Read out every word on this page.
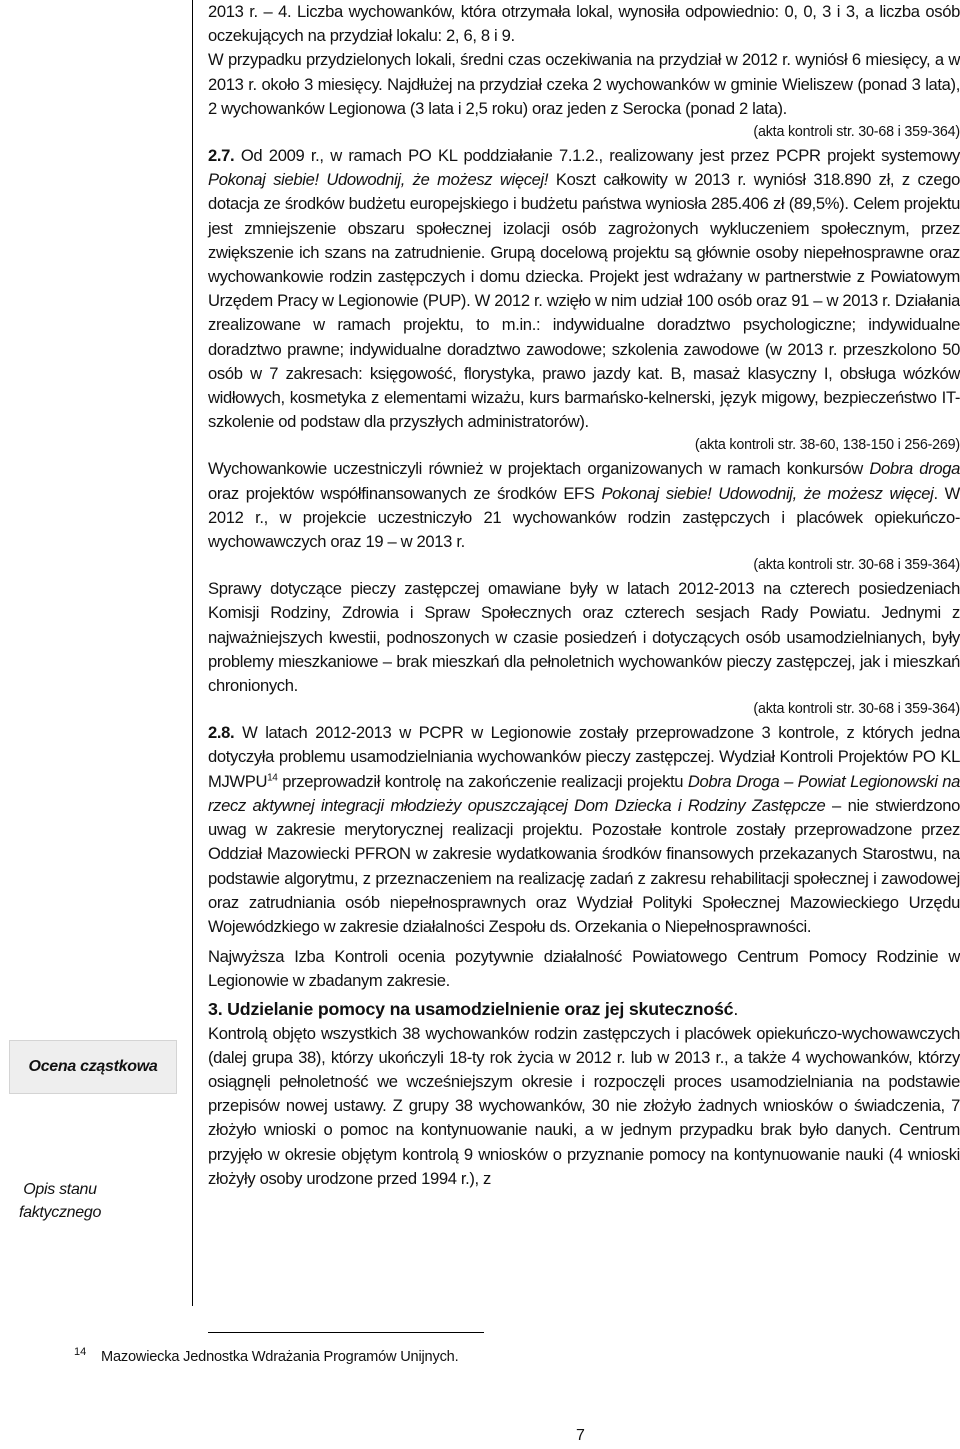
2013 r. – 4. Liczba wychowanków, która otrzymała lokal, wynosiła odpowiednio: 0, 0, 3 i 3, a liczba osób oczekujących na przydział lokalu: 2, 6, 8 i 9.

W przypadku przydzielonych lokali, średni czas oczekiwania na przydział w 2012 r. wyniósł 6 miesięcy, a w 2013 r. około 3 miesięcy. Najdłużej na przydział czeka 2 wychowanków w gminie Wieliszew (ponad 3 lata), 2 wychowanków Legionowa (3 lata i 2,5 roku) oraz jeden z Serocka (ponad 2 lata).

(akta kontroli str. 30-68 i 359-364)

2.7. Od 2009 r., w ramach PO KL poddziałanie 7.1.2., realizowany jest przez PCPR projekt systemowy Pokonaj siebie! Udowodnij, że możesz więcej! Koszt całkowity w 2013 r. wyniósł 318.890 zł, z czego dotacja ze środków budżetu europejskiego i budżetu państwa wyniosła 285.406 zł (89,5%). Celem projektu jest zmniejszenie obszaru społecznej izolacji osób zagrożonych wykluczeniem społecznym, przez zwiększenie ich szans na zatrudnienie. Grupą docelową projektu są głównie osoby niepełnosprawne oraz wychowankowie rodzin zastępczych i domu dziecka. Projekt jest wdrażany w partnerstwie z Powiatowym Urzędem Pracy w Legionowie (PUP). W 2012 r. wzięło w nim udział 100 osób oraz 91 – w 2013 r. Działania zrealizowane w ramach projektu, to m.in.: indywidualne doradztwo psychologiczne; indywidualne doradztwo prawne; indywidualne doradztwo zawodowe; szkolenia zawodowe (w 2013 r. przeszkolono 50 osób w 7 zakresach: księgowość, florystyka, prawo jazdy kat. B, masaż klasyczny I, obsługa wózków widłowych, kosmetyka z elementami wizażu, kurs barmańsko-kelnerski, język migowy, bezpieczeństwo IT-szkolenie od podstaw dla przyszłych administratorów).

(akta kontroli str. 38-60, 138-150 i 256-269)

Wychowankowie uczestniczyli również w projektach organizowanych w ramach konkursów Dobra droga oraz projektów współfinansowanych ze środków EFS Pokonaj siebie! Udowodnij, że możesz więcej. W 2012 r., w projekcie uczestniczyło 21 wychowanków rodzin zastępczych i placówek opiekuńczo-wychowawczych oraz 19 – w 2013 r.

(akta kontroli str. 30-68 i 359-364)

Sprawy dotyczące pieczy zastępczej omawiane były w latach 2012-2013 na czterech posiedzeniach Komisji Rodziny, Zdrowia i Spraw Społecznych oraz czterech sesjach Rady Powiatu. Jednymi z najważniejszych kwestii, podnoszonych w czasie posiedzeń i dotyczących osób usamodzielnianych, były problemy mieszkaniowe – brak mieszkań dla pełnoletnich wychowanków pieczy zastępczej, jak i mieszkań chronionych.

(akta kontroli str. 30-68 i 359-364)

2.8. W latach 2012-2013 w PCPR w Legionowie zostały przeprowadzone 3 kontrole, z których jedna dotyczyła problemu usamodzielniania wychowanków pieczy zastępczej. Wydział Kontroli Projektów PO KL MJWPU$^{14}$ przeprowadził kontrolę na zakończenie realizacji projektu Dobra Droga – Powiat Legionowski na rzecz aktywnej integracji młodzieży opuszczającej Dom Dziecka i Rodziny Zastępcze – nie stwierdzono uwag w zakresie merytorycznej realizacji projektu. Pozostałe kontrole zostały przeprowadzone przez Oddział Mazowiecki PFRON w zakresie wydatkowania środków finansowych przekazanych Starostwu, na podstawie algorytmu, z przeznaczeniem na realizację zadań z zakresu rehabilitacji społecznej i zawodowej oraz zatrudniania osób niepełnosprawnych oraz Wydział Polityki Społecznej Mazowieckiego Urzędu Wojewódzkiego w zakresie działalności Zespołu ds. Orzekania o Niepełnosprawności.

Najwyższa Izba Kontroli ocenia pozytywnie działalność Powiatowego Centrum Pomocy Rodzinie w Legionowie w zbadanym zakresie.

3. Udzielanie pomocy na usamodzielnienie oraz jej skuteczność.

Kontrolą objęto wszystkich 38 wychowanków rodzin zastępczych i placówek opiekuńczo-wychowawczych (dalej grupa 38), którzy ukończyli 18-ty rok życia w 2012 r. lub w 2013 r., a także 4 wychowanków, którzy osiągnęli pełnoletność we wcześniejszym okresie i rozpoczęli proces usamodzielniania na podstawie przepisów nowej ustawy. Z grupy 38 wychowanków, 30 nie złożyło żadnych wniosków o świadczenia, 7 złożyło wnioski o pomoc na kontynuowanie nauki, a w jednym przypadku brak było danych. Centrum przyjęło w okresie objętym kontrolą 9 wniosków o przyznanie pomocy na kontynuowanie nauki (4 wnioski złożyły osoby urodzone przed 1994 r.), z

Ocena cząstkowa
Opis stanu
faktycznego
14 Mazowiecka Jednostka Wdrażania Programów Unijnych.
7
